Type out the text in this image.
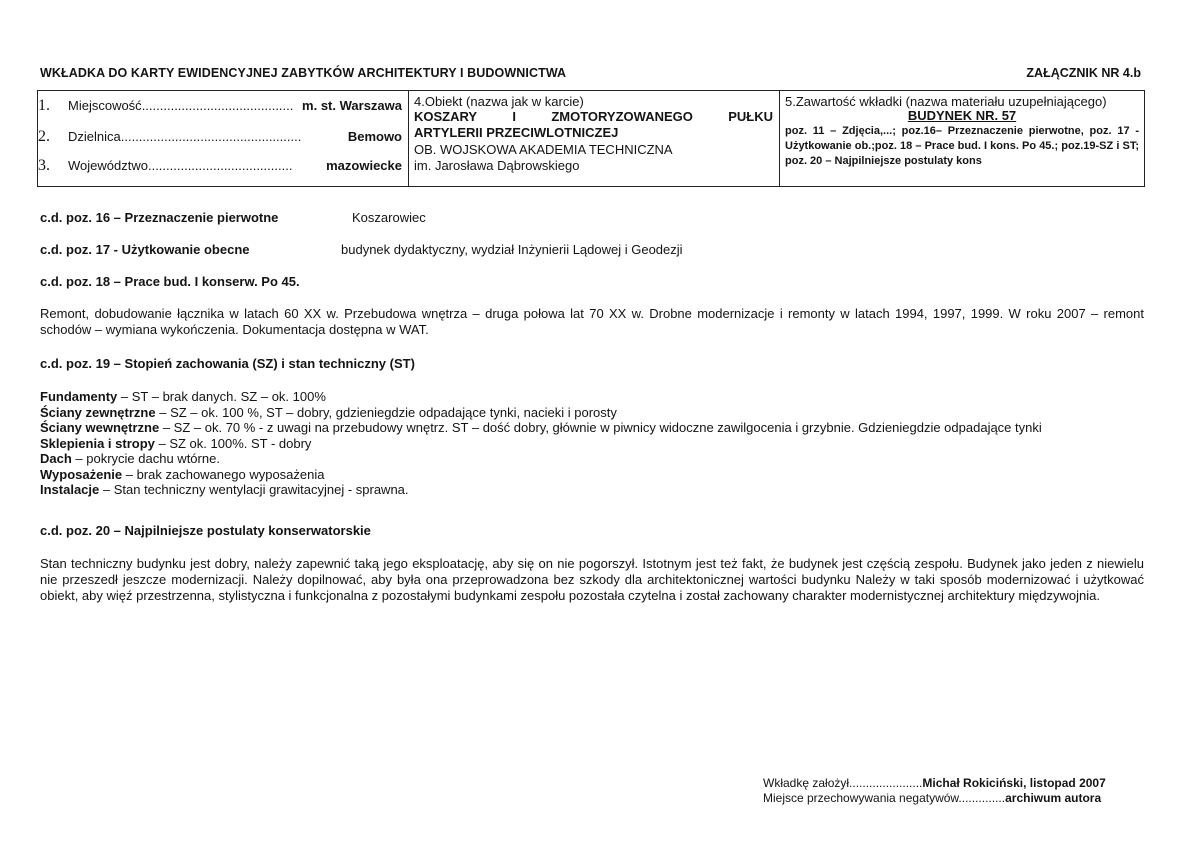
WKŁADKA DO KARTY EWIDENCYJNEJ ZABYTKÓW ARCHITEKTURY I BUDOWNICTWA	ZAŁĄCZNIK NR 4.b
1.	Miejscowość .......................................... m. st. Warszawa
2.	Dzielnica ..................................................	Bemowo
3.	Województwo ........................................	mazowiecke
4.Obiekt (nazwa jak w karcie)
KOSZARY	I	ZMOTORYZOWANEGO	PUŁKU
ARTYLERII PRZECIWLOTNICZEJ
OB. WOJSKOWA AKADEMIA TECHNICZNA
im. Jarosława Dąbrowskiego
5.Zawartość wkładki (nazwa materiału uzupełniającego)
BUDYNEK NR. 57
poz. 11 – Zdjęcia,...; poz.16– Przeznaczenie pierwotne, poz. 17 - Użytkowanie ob.;poz. 18 – Prace bud. I kons. Po 45.; poz.19-SZ i ST; poz. 20 – Najpilniejsze postulaty kons
c.d. poz. 16 – Przeznaczenie pierwotne	Koszarowiec
c.d. poz. 17 - Użytkowanie obecne	budynek dydaktyczny, wydział Inżynierii Lądowej i Geodezji
c.d. poz. 18 – Prace bud. I konserw. Po 45.
Remont, dobudowanie łącznika w latach 60 XX w. Przebudowa wnętrza – druga połowa lat 70 XX w. Drobne modernizacje i remonty w latach 1994, 1997, 1999. W roku 2007 – remont schodów – wymiana wykończenia. Dokumentacja dostępna w WAT.
c.d. poz. 19 – Stopień zachowania (SZ) i stan techniczny (ST)
Fundamenty – ST – brak danych. SZ – ok. 100%
Ściany zewnętrzne – SZ – ok. 100 %, ST – dobry, gdzieniegdzie odpadające tynki, nacieki i porosty
Ściany wewnętrzne – SZ – ok. 70 % - z uwagi na przebudowy wnętrz. ST – dość dobry, głównie w piwnicy widoczne zawilgocenia i grzybnie. Gdzieniegdzie odpadające tynki
Sklepienia i stropy – SZ ok. 100%. ST - dobry
Dach – pokrycie dachu wtórne.
Wyposażenie – brak zachowanego wyposażenia
Instalacje – Stan techniczny wentylacji grawitacyjnej - sprawna.
c.d. poz. 20 – Najpilniejsze postulaty konserwatorskie
Stan techniczny budynku jest dobry, należy zapewnić taką jego eksploatację, aby się on nie pogorszył. Istotnym jest też fakt, że budynek jest częścią zespołu. Budynek jako jeden z niewielu nie przeszedł jeszcze modernizacji. Należy dopilnować, aby była ona przeprowadzona bez szkody dla architektonicznej wartości budynku Należy w taki sposób modernizować i użytkować obiekt, aby więź przestrzenna, stylistyczna i funkcjonalna z pozostałymi budynkami zespołu pozostała czytelna i został zachowany charakter modernistycznej architektury międzywojnia.
Wkładkę założył......................Michał Rokiciński, listopad 2007
Miejsce przechowywania negatywów..............archiwum autora
